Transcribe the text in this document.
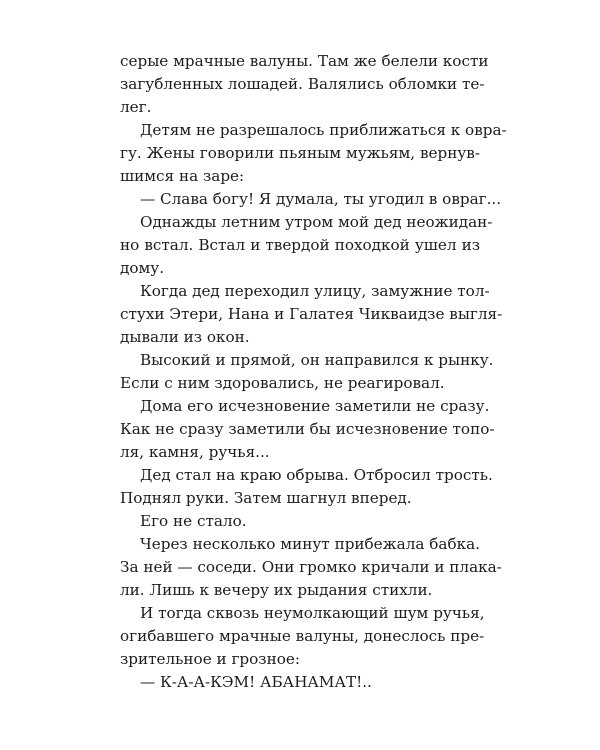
серые мрачные валуны. Там же белели кости
загубленных лошадей. Валялись обломки те-
лег.
Детям не разрешалось приближаться к овра-
гу. Жены говорили пьяным мужьям, вернув-
шимся на заре:
— Слава богу! Я думала, ты угодил в овраг...
Однажды летним утром мой дед неожидан-
но встал. Встал и твердой походкой ушел из
дому.
Когда дед переходил улицу, замужние тол-
стухи Этери, Нана и Галатея Чикваидзе выгля-
дывали из окон.
Высокий и прямой, он направился к рынку.
Если с ним здоровались, не реагировал.
Дома его исчезновение заметили не сразу.
Как не сразу заметили бы исчезновение топо-
ля, камня, ручья...
Дед стал на краю обрыва. Отбросил трость.
Поднял руки. Затем шагнул вперед.
Его не стало.
Через несколько минут прибежала бабка.
За ней — соседи. Они громко кричали и плака-
ли. Лишь к вечеру их рыдания стихли.
И тогда сквозь неумолкающий шум ручья,
огибавшего мрачные валуны, донеслось пре-
зрительное и грозное:
— К-А-А-КЭМ! АБАНАМАТ!..
